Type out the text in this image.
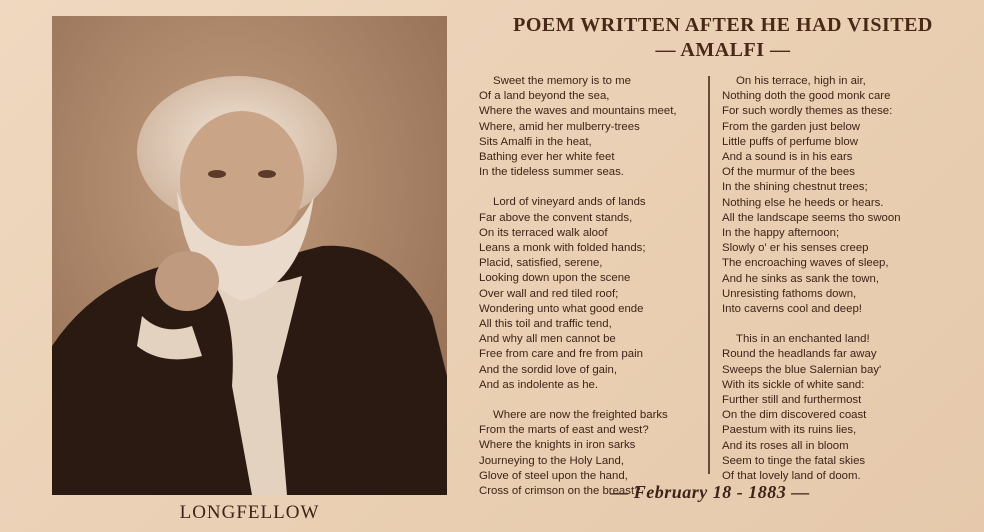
LONGFELLOW
POEM WRITTEN AFTER HE HAD VISITED
— AMALFI —
Sweet the memory is to me
Of a land beyond the sea,
Where the waves and mountains meet,
Where, amid her mulberry-trees
Sits Amalfi in the heat,
Bathing ever her white feet
In the tideless summer seas.
Lord of vineyard ands of lands
Far above the convent stands,
On its terraced walk aloof
Leans a monk with folded hands;
Placid, satisfied, serene,
Looking down upon the scene
Over wall and red tiled roof;
Wondering unto what good ende
All this toil and traffic tend,
And why all men cannot be
Free from care and fre from pain
And the sordid love of gain,
And as indolente as he.
Where are now the freighted barks
From the marts of east and west?
Where the knights in iron sarks
Journeying to the Holy Land,
Glove of steel upon the hand,
Cross of crimson on the breast?
On his terrace, high in air,
Nothing doth the good monk care
For such wordly themes as these:
From the garden just below
Little puffs of perfume blow
And a sound is in his ears
Of the murmur of the bees
In the shining chestnut trees;
Nothing else he heeds or hears.
All the landscape seems tho swoon
In the happy afternoon;
Slowly o' er his senses creep
The encroaching waves of sleep,
And he sinks as sank the town,
Unresisting fathoms down,
Into caverns cool and deep!
This in an enchanted land!
Round the headlands far away
Sweeps the blue Salernian bay'
With its sickle of white sand:
Further still and furthermost
On the dim discovered coast
Paestum with its ruins lies,
And its roses all in bloom
Seem to tinge the fatal skies
Of that lovely land of doom.
— February 18 - 1883 —
